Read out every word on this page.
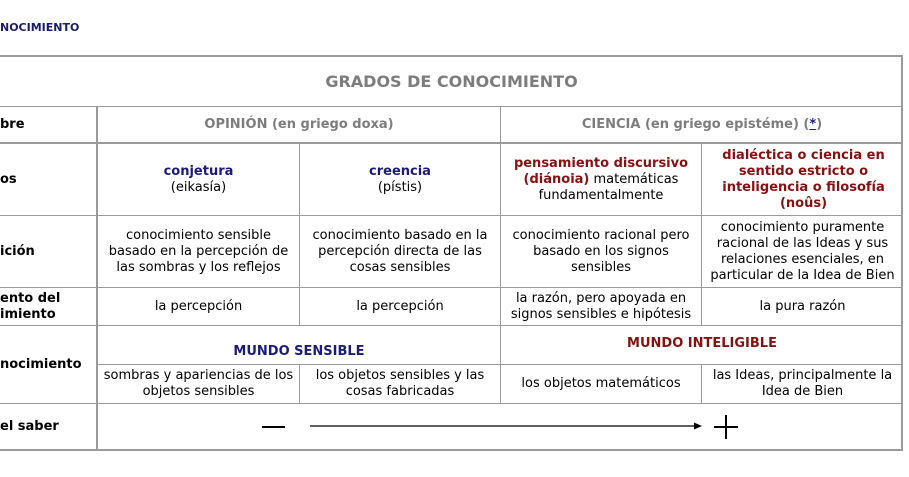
NOCIMIENTO
GRADOS DE CONOCIMIENTO
bre
os
ición
ento del
imiento
nocimiento
el saber
OPINIÓN (en griego doxa)	CIENCIA (en griego epistéme) ( * )
conjetura
(eikasía)
creencia
(pístis)
pensamiento discursivo
(diánoia) matemáticas fundamentalmente
dialéctica o ciencia en sentido estricto o inteligencia o filosofía (noûs)
conocimiento sensible basado en la percepción de las sombras y los reflejos
conocimiento basado en la percepción directa de las cosas sensibles
conocimiento racional pero basado en los signos sensibles
conocimiento puramente racional de las Ideas y sus relaciones esenciales, en particular de la Idea de Bien
la percepción	la percepción
la razón, pero apoyada en signos sensibles e hipótesis
la pura razón
MUNDO SENSIBLE
MUNDO INTELIGIBLE
sombras y apariencias de los objetos sensibles
los objetos sensibles y las cosas fabricadas
los objetos matemáticos
las Ideas, principalmente la Idea de Bien
